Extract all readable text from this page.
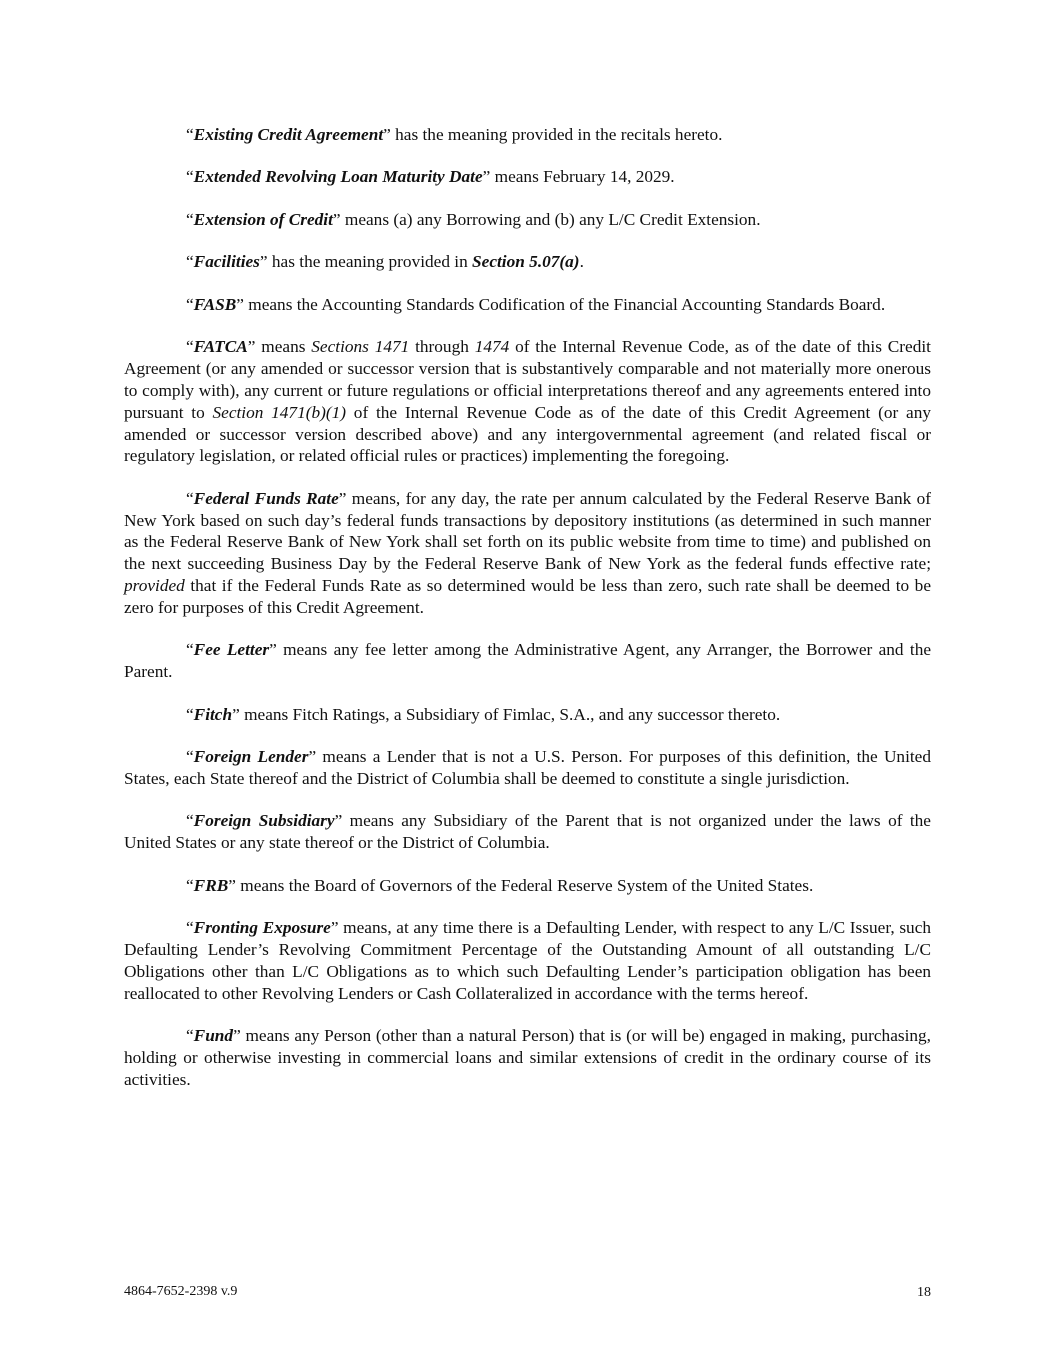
“Existing Credit Agreement” has the meaning provided in the recitals hereto.

“Extended Revolving Loan Maturity Date” means February 14, 2029.

“Extension of Credit” means (a) any Borrowing and (b) any L/C Credit Extension.

“Facilities” has the meaning provided in Section 5.07(a).

“FASB” means the Accounting Standards Codification of the Financial Accounting Standards Board.

“FATCA” means Sections 1471 through 1474 of the Internal Revenue Code, as of the date of this Credit Agreement (or any amended or successor version that is substantively comparable and not materially more onerous to comply with), any current or future regulations or official interpretations thereof and any agreements entered into pursuant to Section 1471(b)(1) of the Internal Revenue Code as of the date of this Credit Agreement (or any amended or successor version described above) and any intergovernmental agreement (and related fiscal or regulatory legislation, or related official rules or practices) implementing the foregoing.

“Federal Funds Rate” means, for any day, the rate per annum calculated by the Federal Reserve Bank of New York based on such day’s federal funds transactions by depository institutions (as determined in such manner as the Federal Reserve Bank of New York shall set forth on its public website from time to time) and published on the next succeeding Business Day by the Federal Reserve Bank of New York as the federal funds effective rate; provided that if the Federal Funds Rate as so determined would be less than zero, such rate shall be deemed to be zero for purposes of this Credit Agreement.

“Fee Letter” means any fee letter among the Administrative Agent, any Arranger, the Borrower and the Parent.

“Fitch” means Fitch Ratings, a Subsidiary of Fimlac, S.A., and any successor thereto.

“Foreign Lender” means a Lender that is not a U.S. Person. For purposes of this definition, the United States, each State thereof and the District of Columbia shall be deemed to constitute a single jurisdiction.

“Foreign Subsidiary” means any Subsidiary of the Parent that is not organized under the laws of the United States or any state thereof or the District of Columbia.

“FRB” means the Board of Governors of the Federal Reserve System of the United States.

“Fronting Exposure” means, at any time there is a Defaulting Lender, with respect to any L/C Issuer, such Defaulting Lender’s Revolving Commitment Percentage of the Outstanding Amount of all outstanding L/C Obligations other than L/C Obligations as to which such Defaulting Lender’s participation obligation has been reallocated to other Revolving Lenders or Cash Collateralized in accordance with the terms hereof.

“Fund” means any Person (other than a natural Person) that is (or will be) engaged in making, purchasing, holding or otherwise investing in commercial loans and similar extensions of credit in the ordinary course of its activities.

4864-7652-2398 v.9	18
